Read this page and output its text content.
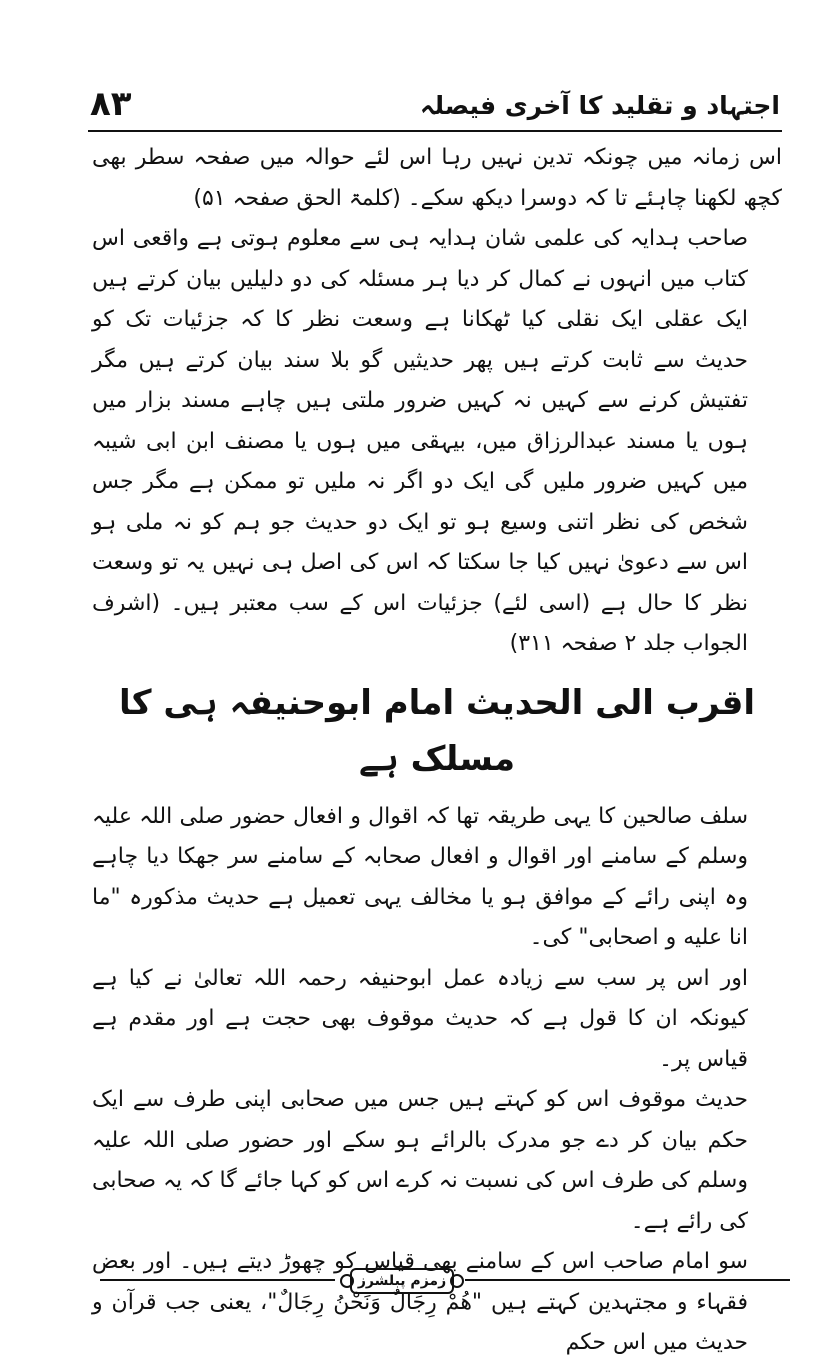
اجتہاد و تقلید کا آخری فیصلہ
۸۳

اس زمانہ میں چونکہ تدین نہیں رہا اس لئے حوالہ میں صفحہ سطر بھی کچھ لکھنا چاہئے تا کہ دوسرا دیکھ سکے۔ (کلمۃ الحق صفحہ ۵۱)

صاحب ہدایہ کی علمی شان ہدایہ ہی سے معلوم ہوتی ہے واقعی اس کتاب میں انہوں نے کمال کر دیا ہر مسئلہ کی دو دلیلیں بیان کرتے ہیں ایک عقلی ایک نقلی کیا ٹھکانا ہے وسعت نظر کا کہ جزئیات تک کو حدیث سے ثابت کرتے ہیں پھر حدیثیں گو بلا سند بیان کرتے ہیں مگر تفتیش کرنے سے کہیں نہ کہیں ضرور ملتی ہیں چاہے مسند بزار میں ہوں یا مسند عبدالرزاق میں، بیہقی میں ہوں یا مصنف ابن ابی شیبہ میں کہیں ضرور ملیں گی ایک دو اگر نہ ملیں تو ممکن ہے مگر جس شخص کی نظر اتنی وسیع ہو تو ایک دو حدیث جو ہم کو نہ ملی ہو اس سے دعویٰ نہیں کیا جا سکتا کہ اس کی اصل ہی نہیں یہ تو وسعت نظر کا حال ہے (اسی لئے) جزئیات اس کے سب معتبر ہیں۔ (اشرف الجواب جلد ۲ صفحہ ۳۱۱)

اقرب الی الحدیث امام ابوحنیفہ ہی کا مسلک ہے

سلف صالحین کا یہی طریقہ تھا کہ اقوال و افعال حضور صلی اللہ علیہ وسلم کے سامنے اور اقوال و افعال صحابہ کے سامنے سر جھکا دیا چاہے وہ اپنی رائے کے موافق ہو یا مخالف یہی تعمیل ہے حدیث مذکورہ "ما انا علیه و اصحابی" کی۔

اور اس پر سب سے زیادہ عمل ابوحنیفہ رحمہ اللہ تعالیٰ نے کیا ہے کیونکہ ان کا قول ہے کہ حدیث موقوف بھی حجت ہے اور مقدم ہے قیاس پر۔

حدیث موقوف اس کو کہتے ہیں جس میں صحابی اپنی طرف سے ایک حکم بیان کر دے جو مدرک بالرائے ہو سکے اور حضور صلی اللہ علیہ وسلم کی طرف اس کی نسبت نہ کرے اس کو کہا جائے گا کہ یہ صحابی کی رائے ہے۔

سو امام صاحب اس کے سامنے بھی قیاس کو چھوڑ دیتے ہیں۔ اور بعض فقہاء و مجتہدین کہتے ہیں "هُمْ رِجَالٌ وَنَحْنُ رِجَالٌ"، یعنی جب قرآن و حدیث میں اس حکم

زمزم پبلشرز
